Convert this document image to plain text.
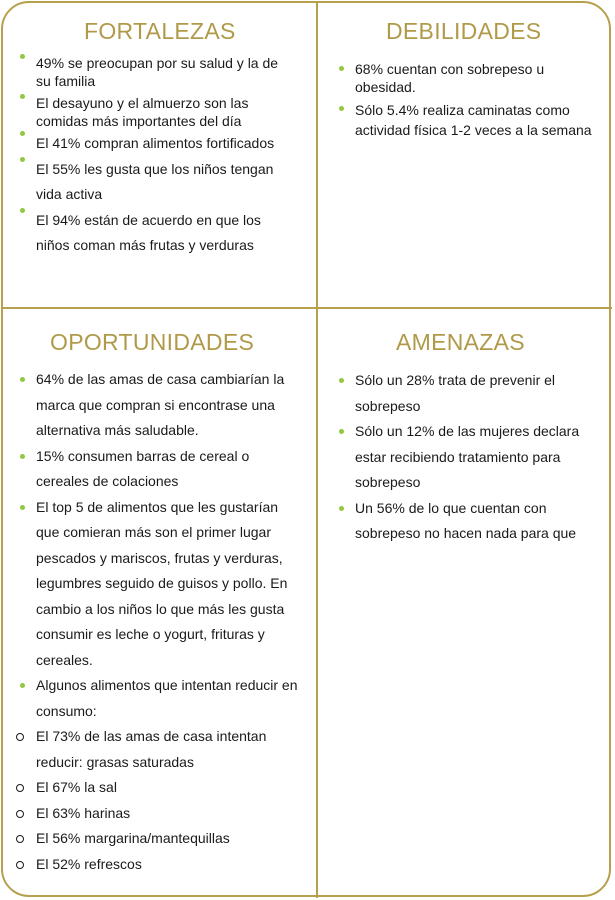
FORTALEZAS
49% se preocupan por su salud y la de su familia
El desayuno y el almuerzo son las comidas más importantes del día
El 41% compran alimentos fortificados
El 55% les gusta que los niños tengan vida activa
El 94% están de acuerdo en que los niños coman más frutas y verduras
DEBILIDADES
68% cuentan con sobrepeso u obesidad.
Sólo 5.4% realiza caminatas como actividad física 1-2 veces a la semana
OPORTUNIDADES
64% de las amas de casa cambiarían la marca que compran si encontrase una alternativa más saludable.
15% consumen barras de cereal o cereales de colaciones
El top 5 de alimentos que les gustarían que comieran más son el primer lugar pescados y mariscos, frutas y verduras, legumbres seguido de guisos y pollo. En cambio a los niños lo que más les gusta consumir es leche o yogurt, frituras y cereales.
Algunos alimentos que intentan reducir en consumo:
El 73% de las amas de casa intentan reducir: grasas saturadas
El 67% la sal
El 63% harinas
El 56% margarina/mantequillas
El 52% refrescos
AMENAZAS
Sólo un 28% trata de prevenir el sobrepeso
Sólo un 12% de las mujeres declara estar recibiendo tratamiento para sobrepeso
Un 56% de lo que cuentan con sobrepeso no hacen nada para que
